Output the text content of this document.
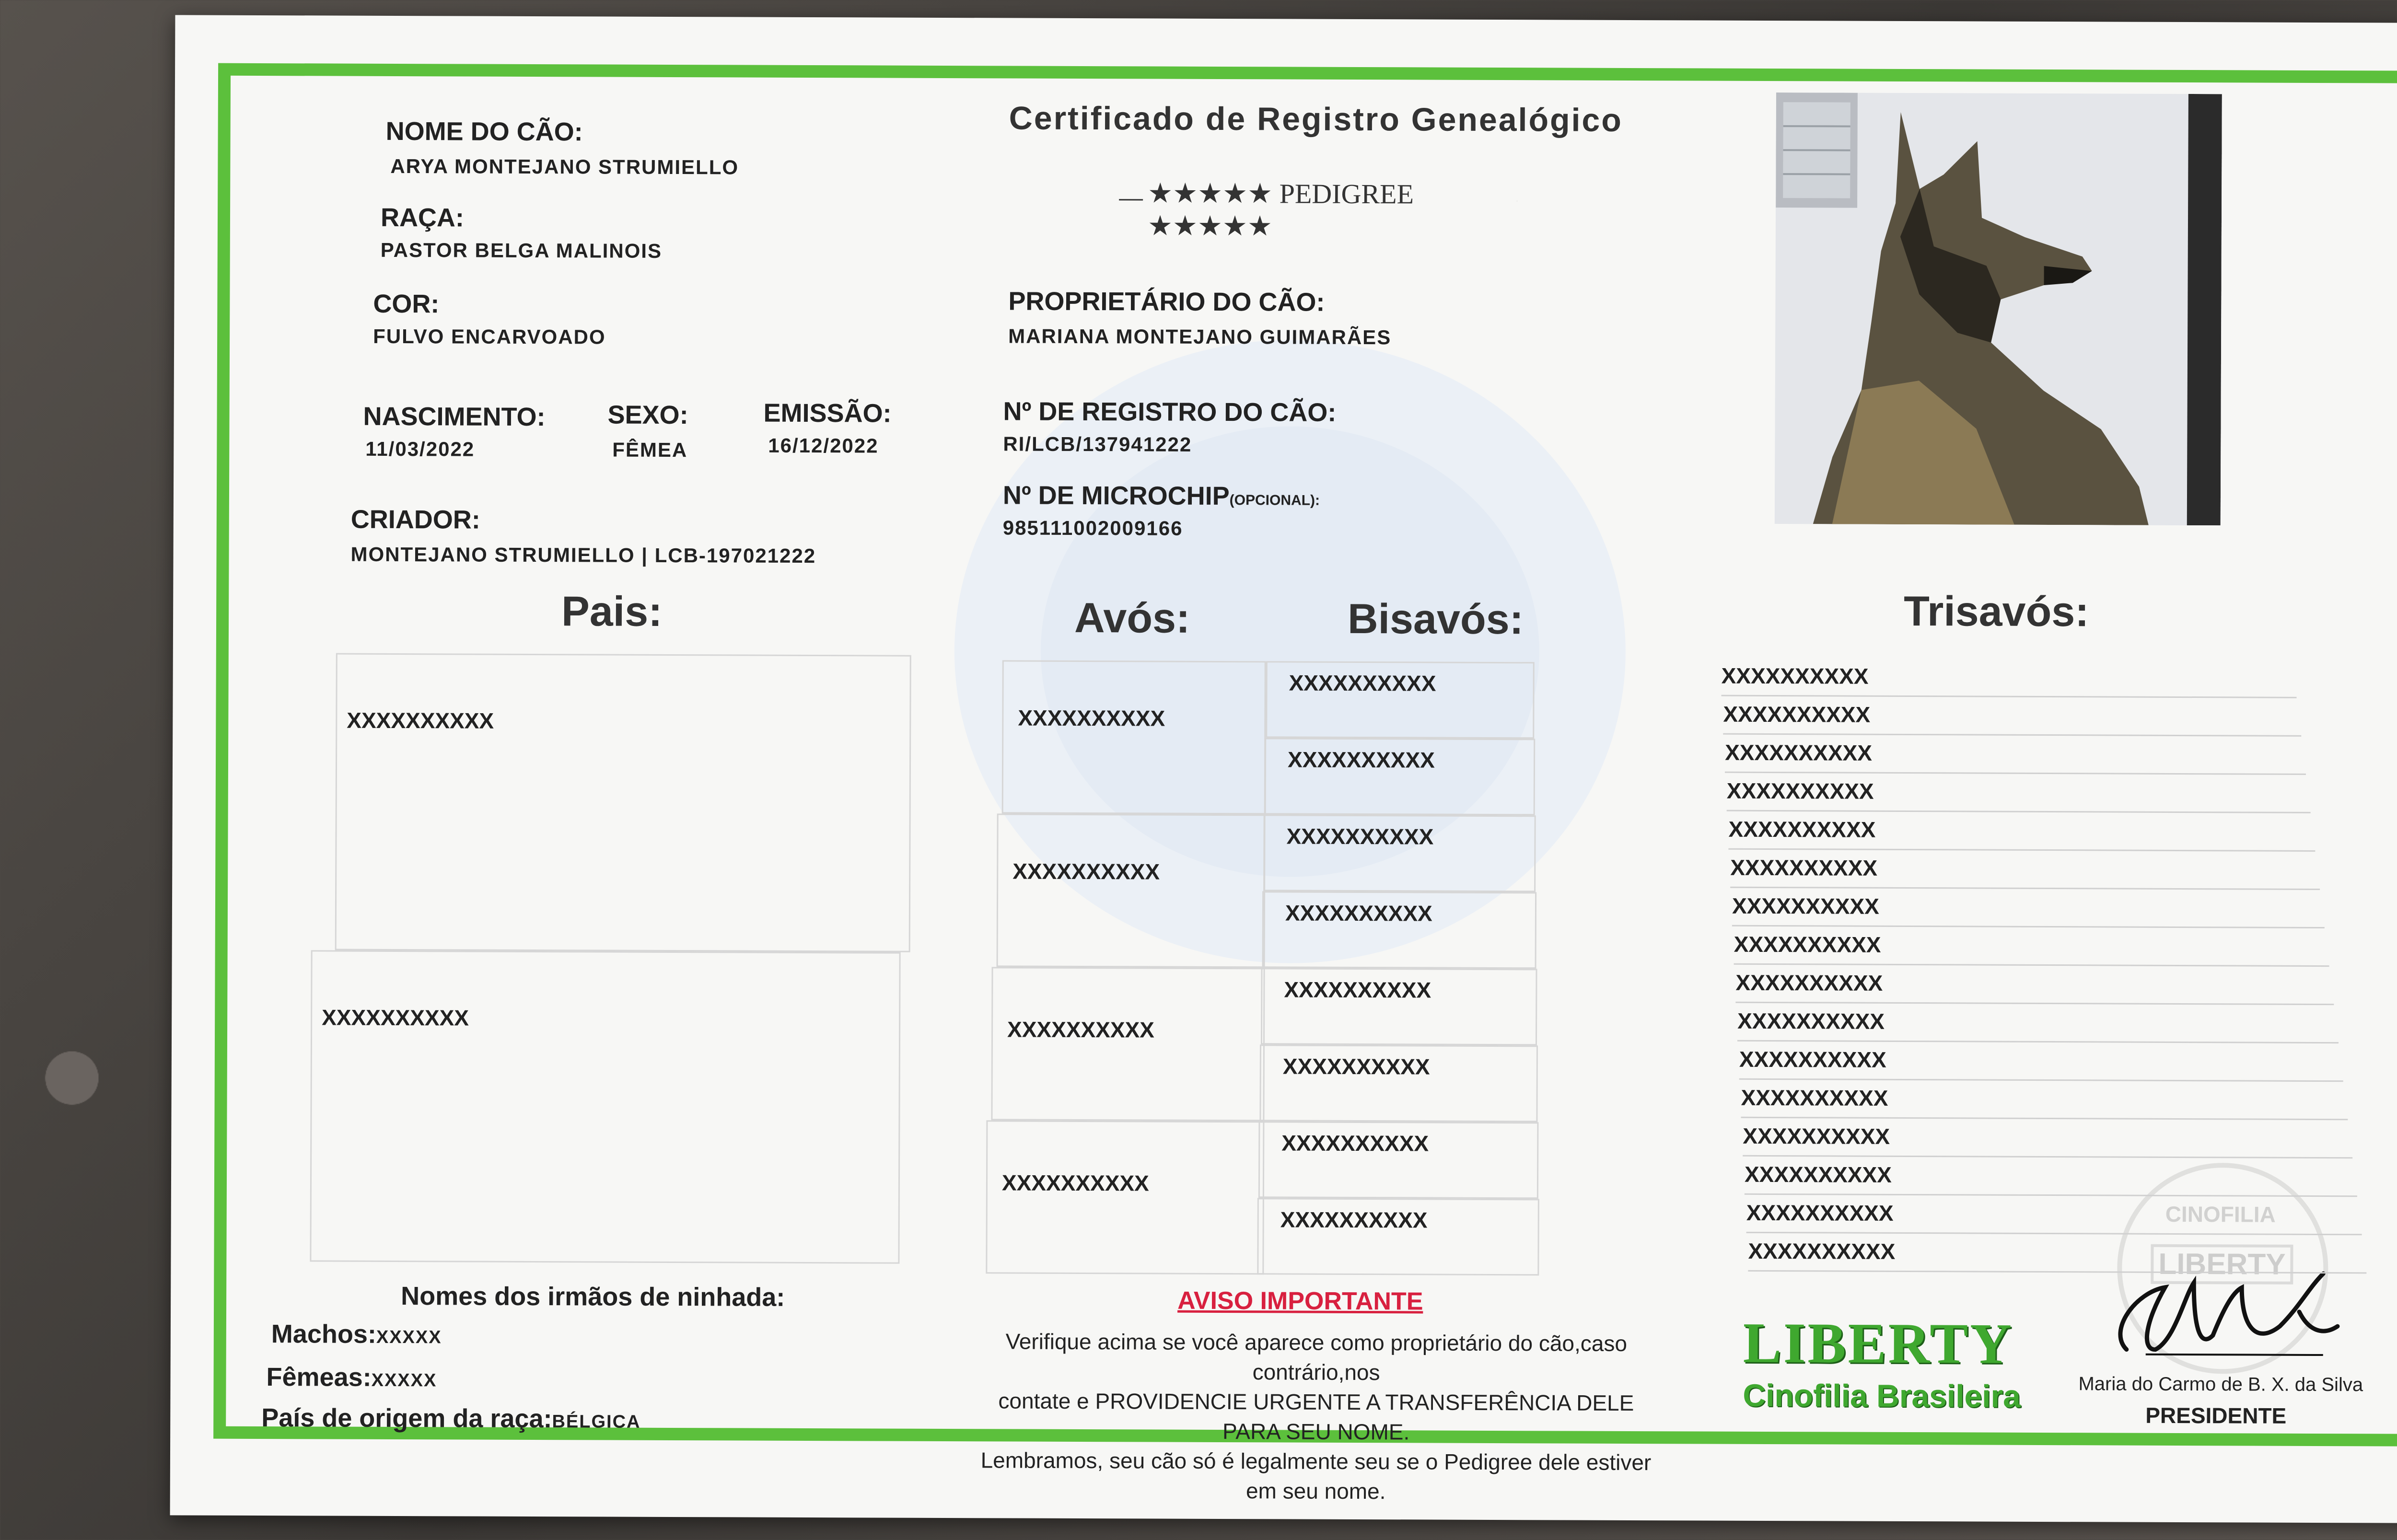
Certificado de Registro Genealógico
★★★★★ PEDIGREE ★★★★★
NOME DO CÃO:
ARYA MONTEJANO STRUMIELLO
RAÇA:
PASTOR BELGA MALINOIS
COR:
FULVO ENCARVOADO
NASCIMENTO:
11/03/2022
SEXO:
FÊMEA
EMISSÃO:
16/12/2022
CRIADOR:
MONTEJANO STRUMIELLO | LCB-197021222
PROPRIETÁRIO DO CÃO:
MARIANA MONTEJANO GUIMARÃES
Nº DE REGISTRO DO CÃO:
RI/LCB/137941222
Nº DE MICROCHIP(OPCIONAL):
985111002009166
Pais:	Avós:	Bisavós:	Trisavós:
XXXXXXXXXX
XXXXXXXXXX
XXXXXXXXXX
XXXXXXXXXX
XXXXXXXXXX
XXXXXXXXXX
Nomes dos irmãos de ninhada:
Machos:XXXXX
Fêmeas:XXXXX
País de origem da raça:BÉLGICA
AVISO IMPORTANTE
Verifique acima se você aparece como proprietário do cão,caso contrário,nos
contate e PROVIDENCIE URGENTE A TRANSFERÊNCIA DELE PARA SEU NOME.
Lembramos, seu cão só é legalmente seu se o Pedigree dele estiver em seu nome.
CINOFILIA
LIBERTY
LIBERTY
Cinofilia Brasileira	Maria do Carmo de B. X. da Silva
PRESIDENTE
XXXXXXXXXX
XXXXXXXXXX
XXXXXXXXXX
XXXXXXXXXX
XXXXXXXXXX
XXXXXXXXXX
XXXXXXXXXX
XXXXXXXXXX
XXXXXXXXXX
XXXXXXXXXX
XXXXXXXXXX
XXXXXXXXXX
XXXXXXXXXX
XXXXXXXXXX
XXXXXXXXXX
XXXXXXXXXX
XXXXXXXXXX
XXXXXXXXXX
XXXXXXXXXX
XXXXXXXXXX
XXXXXXXXXX
XXXXXXXXXX
XXXXXXXXXX
XXXXXXXXXX
